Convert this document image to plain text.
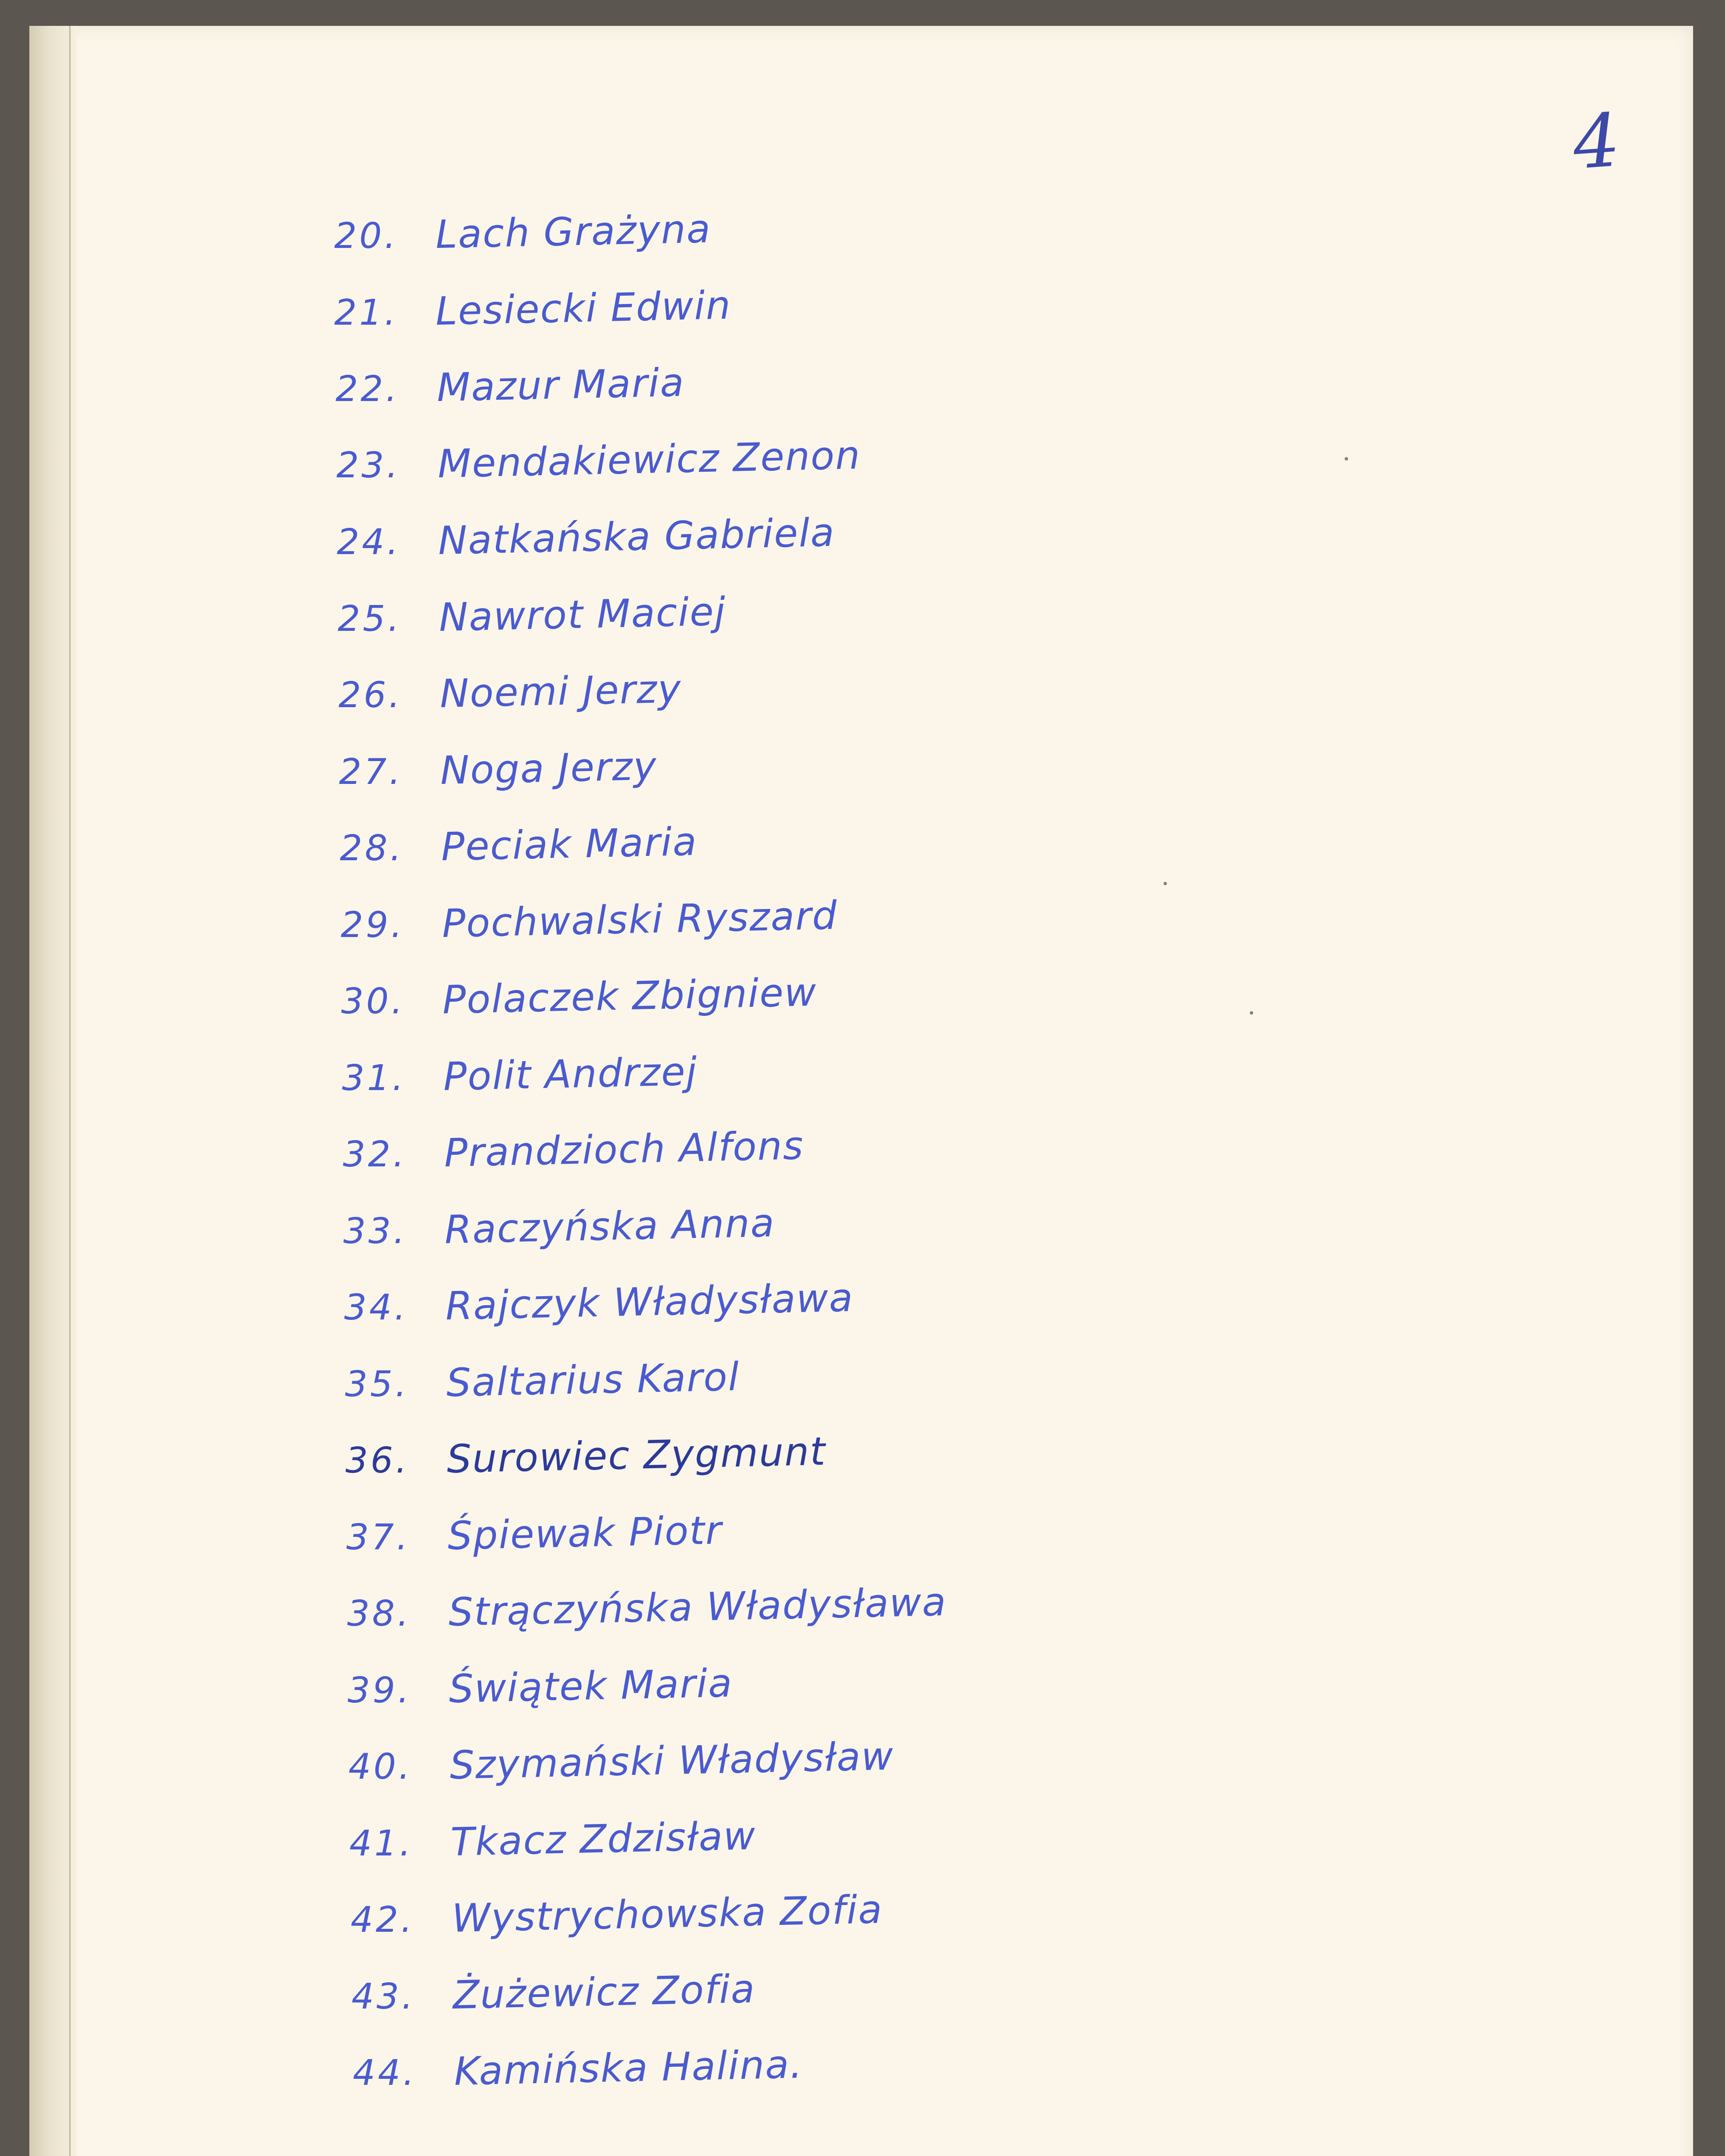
4
20. Lach Grażyna
21. Lesiecki Edwin
22. Mazur Maria
23. Mendakiewicz Zenon
24. Natkańska Gabriela
25. Nawrot Maciej
26. Noemi Jerzy
27. Noga Jerzy
28. Peciak Maria
29. Pochwalski Ryszard
30. Polaczek Zbigniew
31. Polit Andrzej
32. Prandzioch Alfons
33. Raczyńska Anna
34. Rajczyk Władysława
35. Saltarius Karol
36. Surowiec Zygmunt
37. Śpiewak Piotr
38. Strączyńska Władysława
39. Świątek Maria
40. Szymański Władysław
41. Tkacz Zdzisław
42. Wystrychowska Zofia
43. Żużewicz Zofia
44. Kamińska Halina.
